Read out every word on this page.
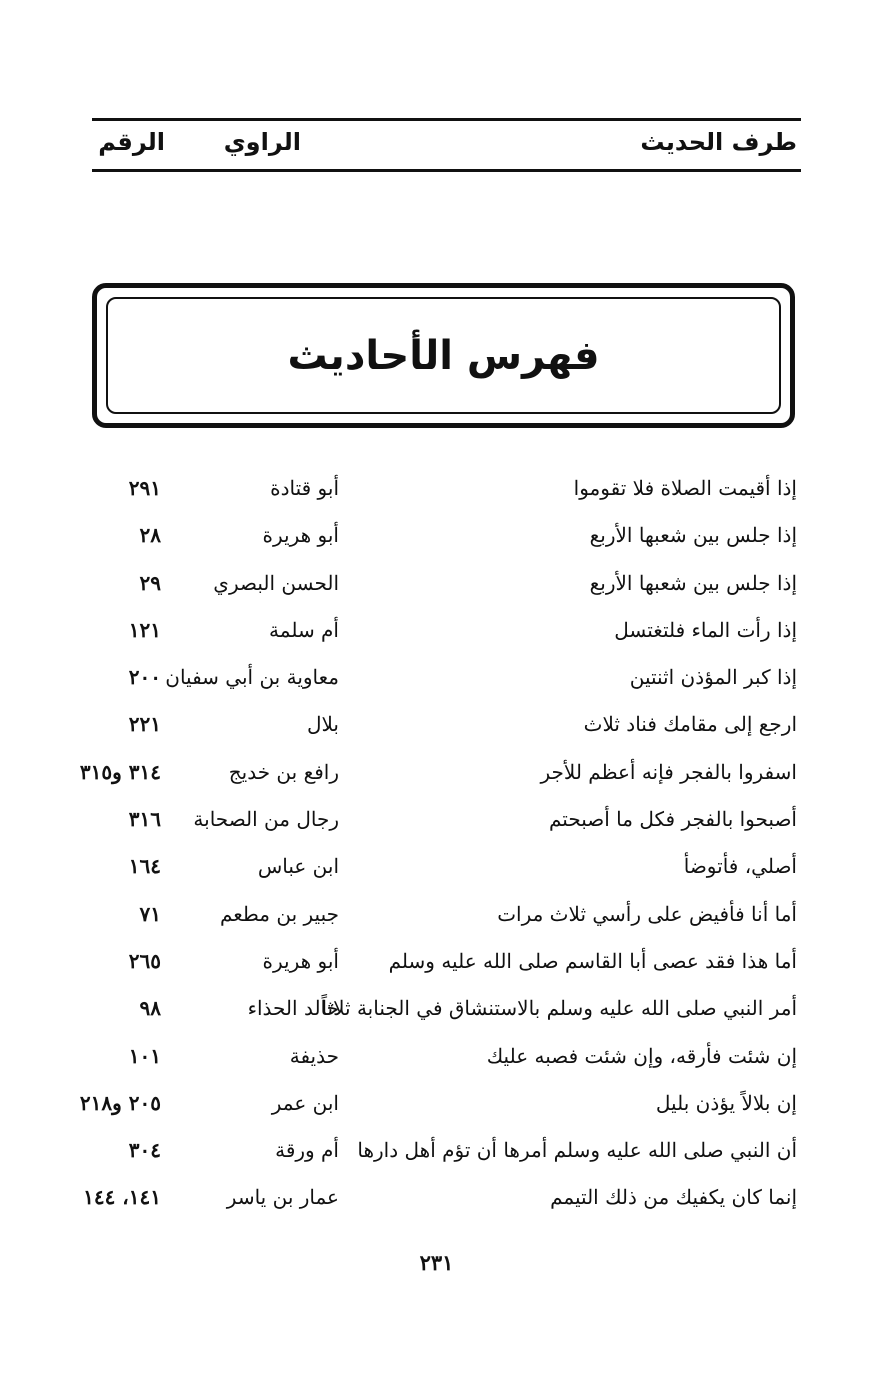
طرف الحديث
الراوي
الرقم
فهرس الأحاديث
إذا أقيمت الصلاة فلا تقوموا
أبو قتادة
٢٩١
إذا جلس بين شعبها الأربع
أبو هريرة
٢٨
إذا جلس بين شعبها الأربع
الحسن البصري
٢٩
إذا رأت الماء فلتغتسل
أم سلمة
١٢١
إذا كبر المؤذن اثنتين
معاوية بن أبي سفيان
٢٠٠
ارجع إلى مقامك فناد ثلاث
بلال
٢٢١
اسفروا بالفجر فإنه أعظم للأجر
رافع بن خديج
٣١٤ و٣١٥
أصبحوا بالفجر فكل ما أصبحتم
رجال من الصحابة
٣١٦
أصلي، فأتوضأ
ابن عباس
١٦٤
أما أنا فأفيض على رأسي ثلاث مرات
جبير بن مطعم
٧١
أما هذا فقد عصى أبا القاسم صلى الله عليه وسلم
أبو هريرة
٢٦٥
أمر النبي صلى الله عليه وسلم بالاستنشاق في الجنابة ثلاثاً
خالد الحذاء
٩٨
إن شئت فأرقه، وإن شئت فصبه عليك
حذيفة
١٠١
إن بلالاً يؤذن بليل
ابن عمر
٢٠٥ و٢١٨
أن النبي صلى الله عليه وسلم أمرها أن تؤم أهل دارها
أم ورقة
٣٠٤
إنما كان يكفيك من ذلك التيمم
عمار بن ياسر
١٤١، ١٤٤
٢٣١
